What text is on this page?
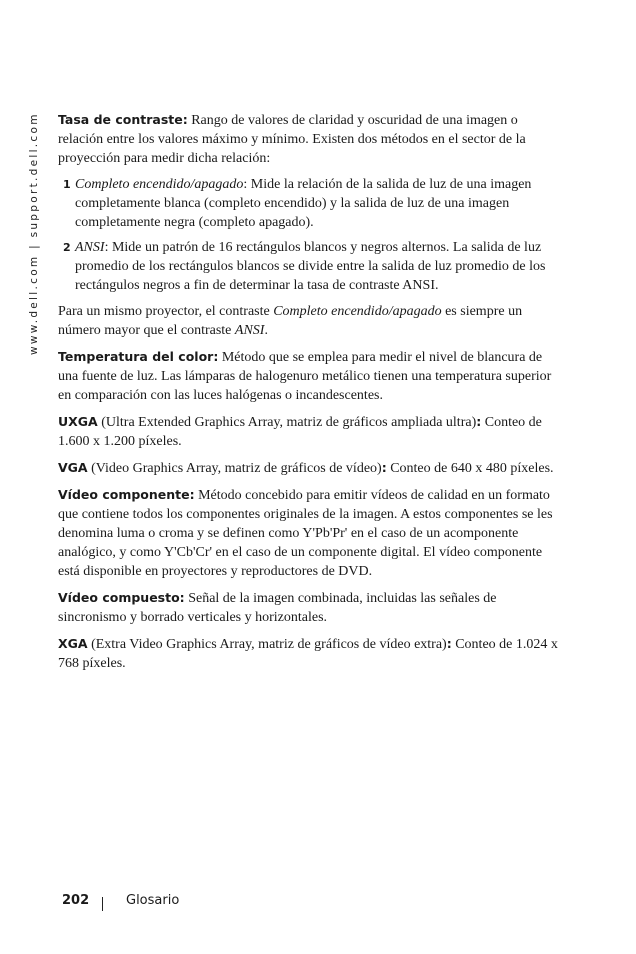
www.dell.com | support.dell.com Tasa de contraste: Rango de valores de claridad y oscuridad de una imagen o relación entre los valores máximo y mínimo. Existen dos métodos en el sector de la proyección para medir dicha relación:

1 Completo encendido/apagado: Mide la relación de la salida de luz de una imagen completamente blanca (completo encendido) y la salida de luz de una imagen completamente negra (completo apagado).
2 ANSI: Mide un patrón de 16 rectángulos blancos y negros alternos. La salida de luz promedio de los rectángulos blancos se divide entre la salida de luz promedio de los rectángulos negros a fin de determinar la tasa de contraste ANSI.

Para un mismo proyector, el contraste Completo encendido/apagado es siempre un número mayor que el contraste ANSI.

Temperatura del color: Método que se emplea para medir el nivel de blancura de una fuente de luz. Las lámparas de halogenuro metálico tienen una temperatura superior en comparación con las luces halógenas o incandescentes.

UXGA (Ultra Extended Graphics Array, matriz de gráficos ampliada ultra): Conteo de 1.600 x 1.200 píxeles.

VGA (Video Graphics Array, matriz de gráficos de vídeo): Conteo de 640 x 480 píxeles.

Vídeo componente: Método concebido para emitir vídeos de calidad en un formato que contiene todos los componentes originales de la imagen. A estos componentes se les denomina luma o croma y se definen como Y'Pb'Pr' en el caso de un acomponente analógico, y como Y'Cb'Cr' en el caso de un componente digital. El vídeo componente está disponible en proyectores y reproductores de DVD.

Vídeo compuesto: Señal de la imagen combinada, incluidas las señales de sincronismo y borrado verticales y horizontales.

XGA (Extra Video Graphics Array, matriz de gráficos de vídeo extra): Conteo de 1.024 x 768 píxeles.

202	Glosario
